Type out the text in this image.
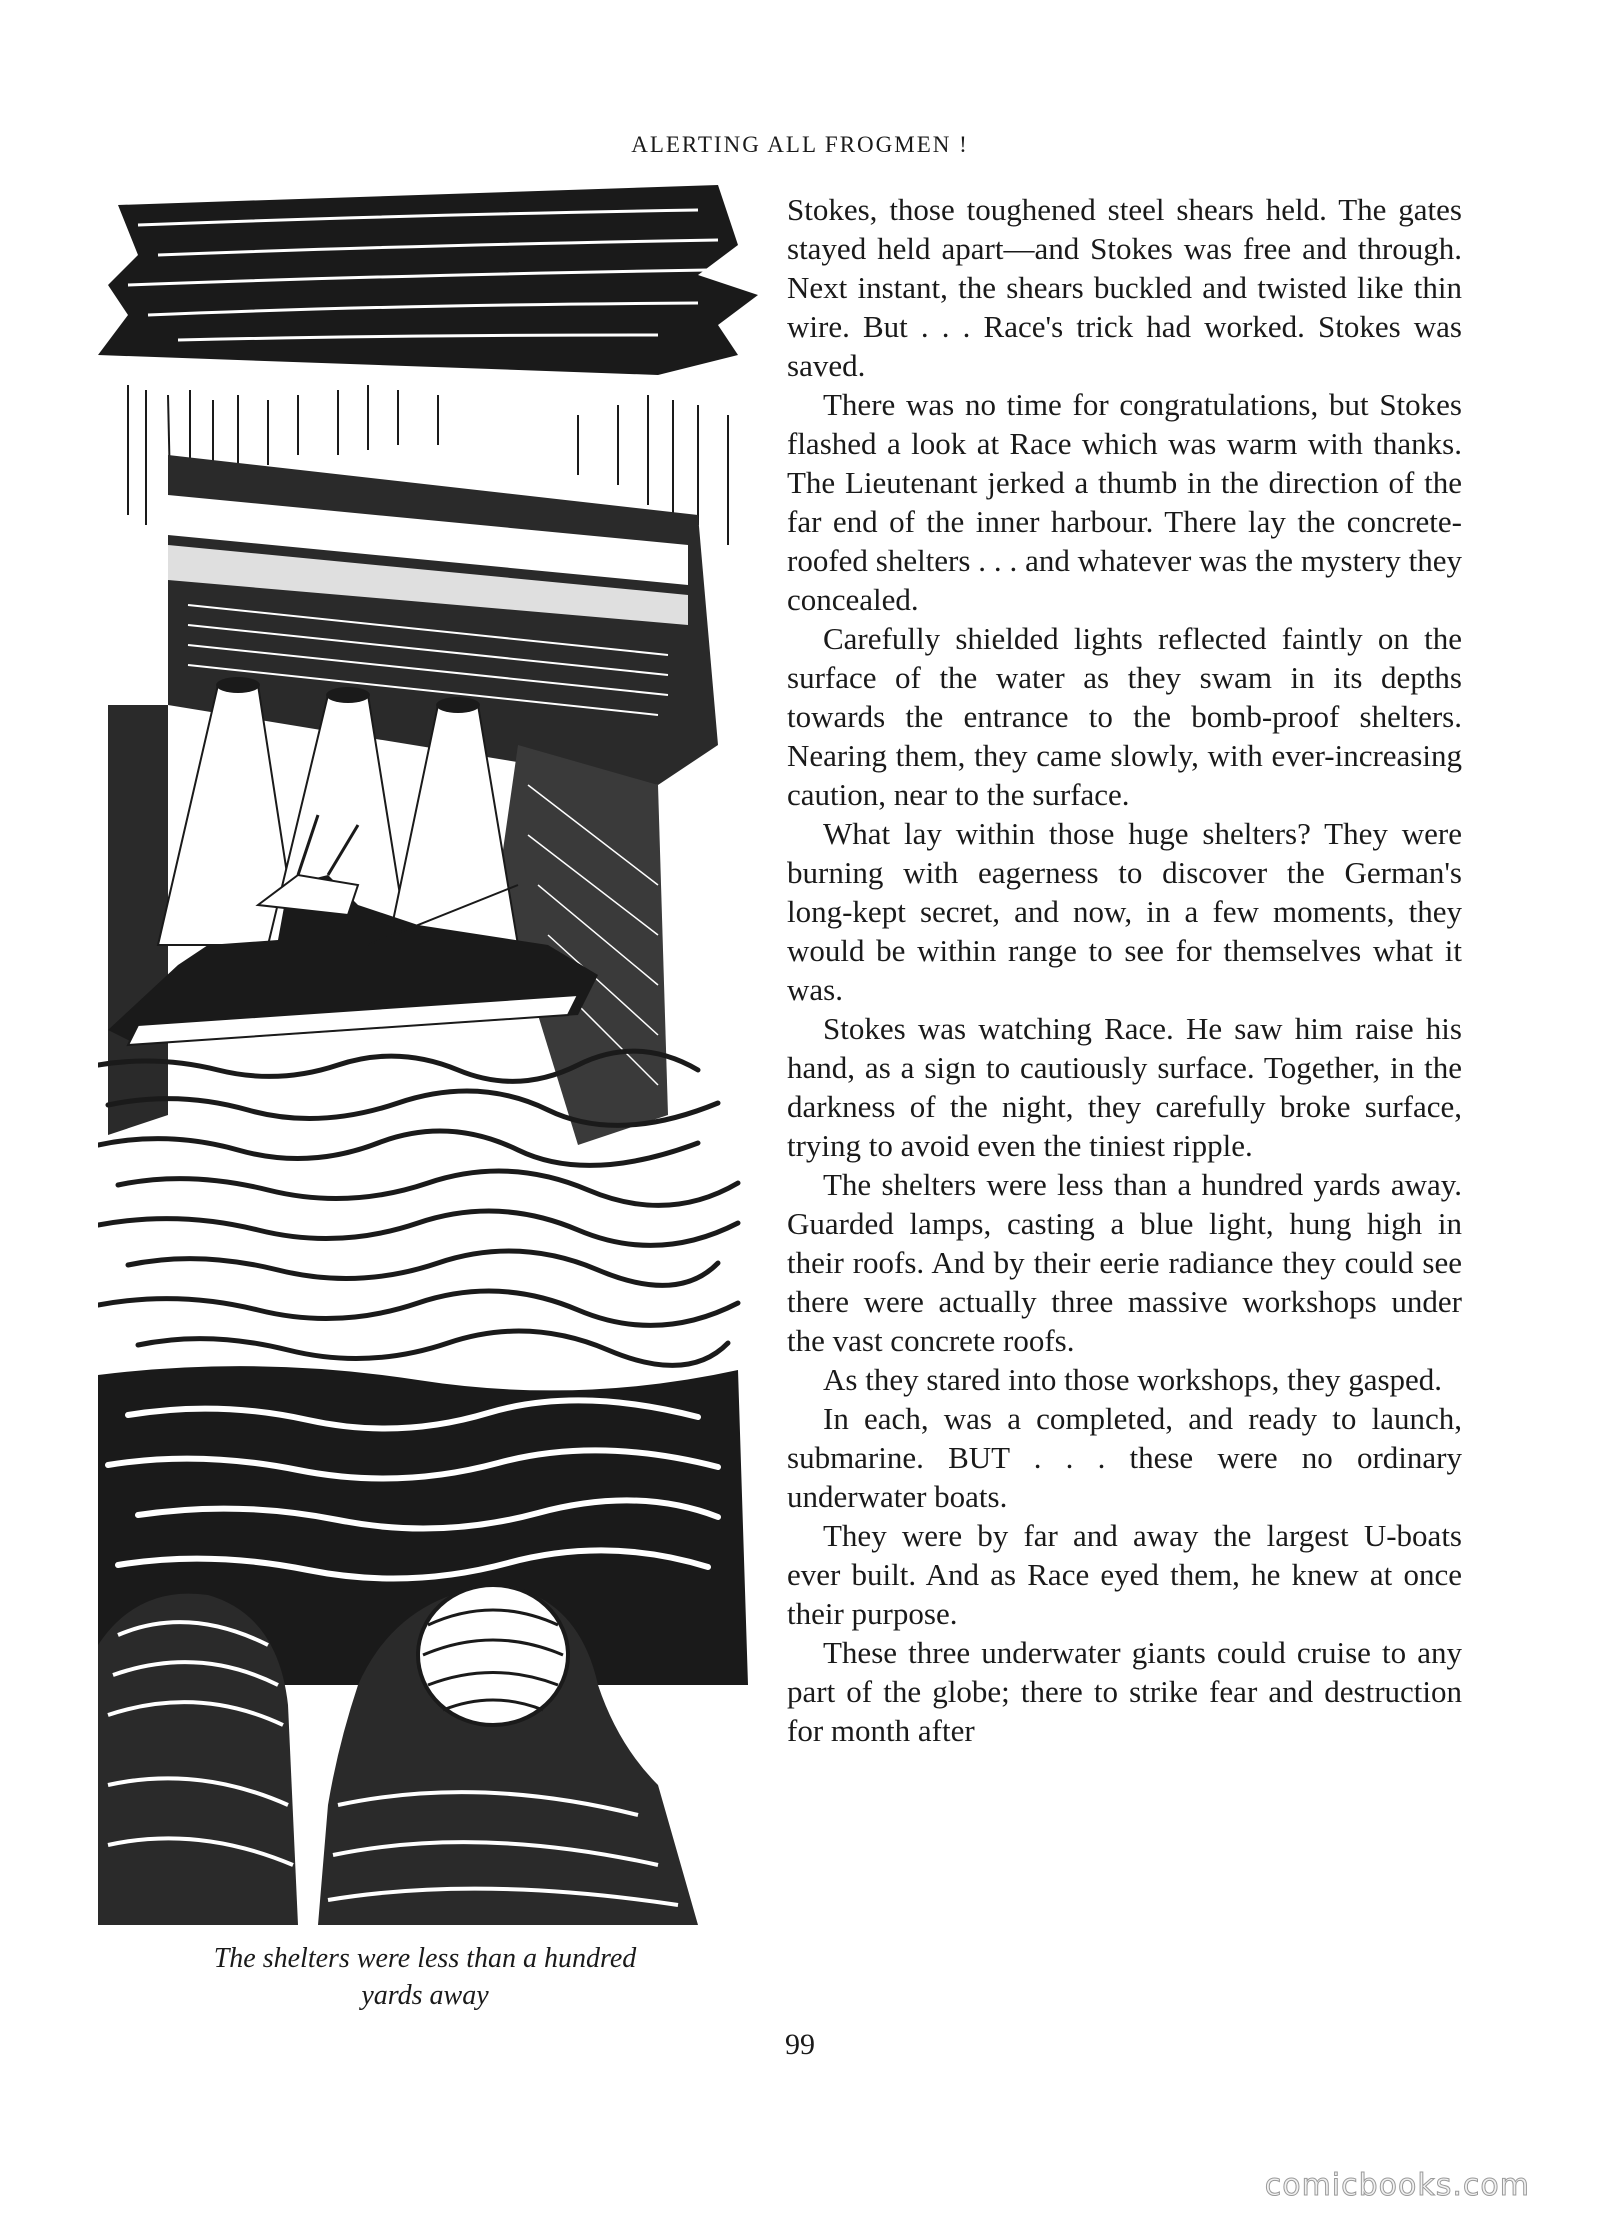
ALERTING ALL FROGMEN !
The shelters were less than a hundred
yards away

Stokes, those toughened steel shears held. The gates stayed held apart—and Stokes was free and through. Next instant, the shears buckled and twisted like thin wire. But . . . Race's trick had worked. Stokes was saved.

There was no time for congratulations, but Stokes flashed a look at Race which was warm with thanks. The Lieutenant jerked a thumb in the direction of the far end of the inner harbour. There lay the concrete-roofed shelters . . . and whatever was the mystery they concealed.

Carefully shielded lights reflected faintly on the surface of the water as they swam in its depths towards the entrance to the bomb-proof shelters. Nearing them, they came slowly, with ever-increasing caution, near to the surface.

What lay within those huge shelters? They were burning with eagerness to discover the German's long-kept secret, and now, in a few moments, they would be within range to see for themselves what it was.

Stokes was watching Race. He saw him raise his hand, as a sign to cautiously surface. Together, in the darkness of the night, they carefully broke surface, trying to avoid even the tiniest ripple.

The shelters were less than a hundred yards away. Guarded lamps, casting a blue light, hung high in their roofs. And by their eerie radiance they could see there were actually three massive workshops under the vast concrete roofs.

As they stared into those workshops, they gasped.

In each, was a completed, and ready to launch, submarine. BUT . . . these were no ordinary underwater boats.

They were by far and away the largest U-boats ever built. And as Race eyed them, he knew at once their purpose.

These three underwater giants could cruise to any part of the globe; there to strike fear and destruction for month after

99
comicbooks.com
